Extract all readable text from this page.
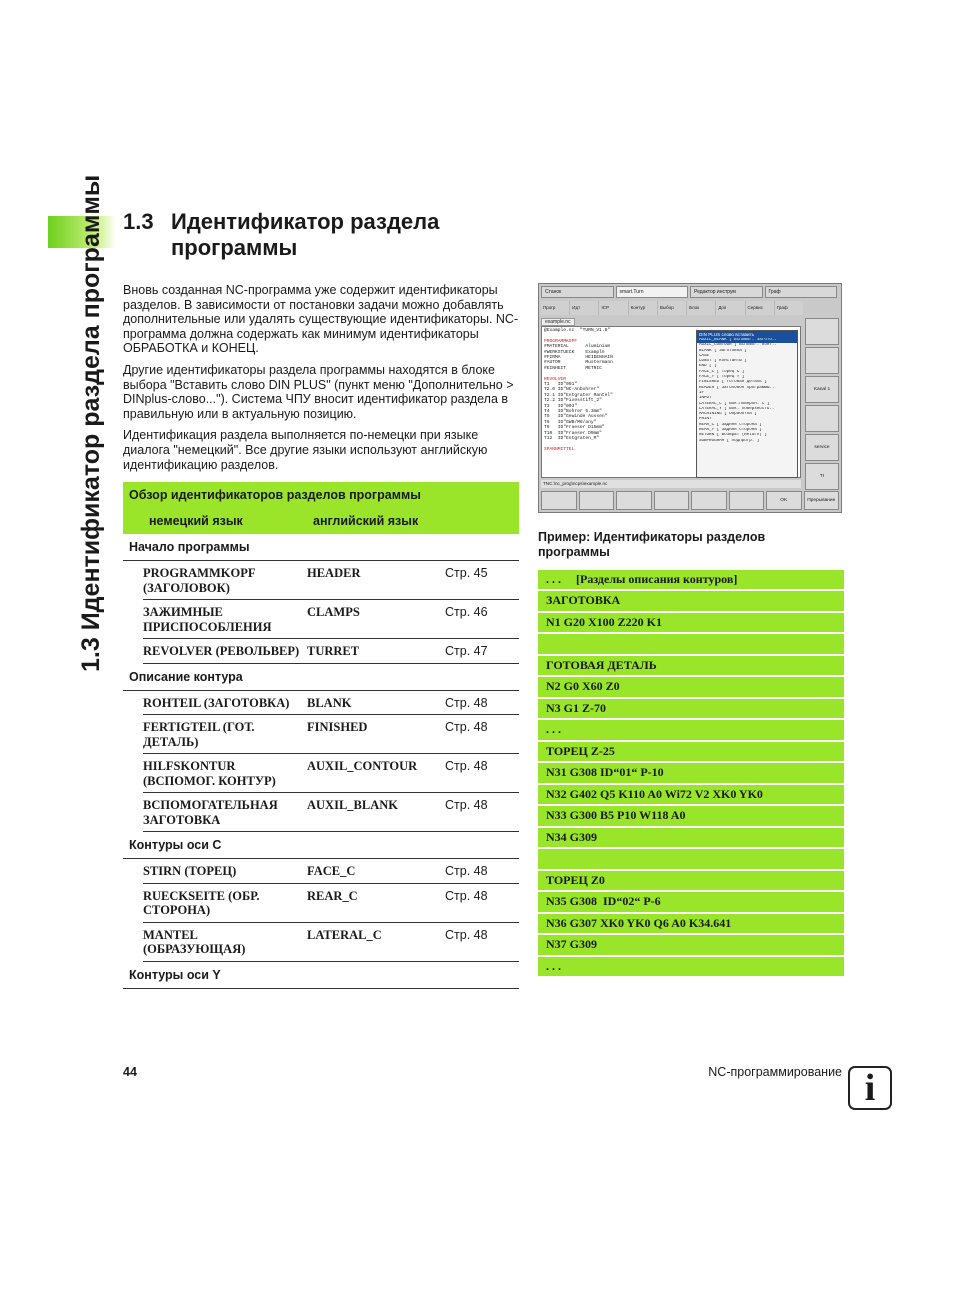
1.3 Идентификатор раздела программы 1.3 Идентификатор раздела
программы

Вновь созданная NC-программа уже содержит идентификаторы разделов. В зависимости от постановки задачи можно добавлять дополнительные или удалять существующие идентификаторы. NC-программа должна содержать как минимум идентификаторы ОБРАБОТКА и КОНЕЦ.

Другие идентификаторы раздела программы находятся в блоке выбора "Вставить слово DIN PLUS" (пункт меню "Дополнительно > DINplus-слово..."). Система ЧПУ вносит идентификатор раздела в правильную или в актуальную позицию.

Идентификация раздела выполняется по-немецки при языке диалога "немецкий". Все другие языки используют английскую идентификацию разделов.

Обзор идентификаторов разделов программы			
немецкий язык		английский язык	
Начало программы			
	PROGRAMMKOPF (ЗАГОЛОВОК)	HEADER	Стр. 45
	ЗАЖИМНЫЕ ПРИСПОСОБЛЕНИЯ	CLAMPS	Стр. 46
	REVOLVER (РЕВОЛЬВЕР)	TURRET	Стр. 47
Описание контура			
	ROHTEIL (ЗАГОТОВКА)	BLANK	Стр. 48
	FERTIGTEIL (ГОТ. ДЕТАЛЬ)	FINISHED	Стр. 48
	HILFSKONTUR (ВСПОМОГ. КОНТУР)	AUXIL_CONTOUR	Стр. 48
	ВСПОМОГАТЕЛЬНАЯ ЗАГОТОВКА	AUXIL_BLANK	Стр. 48
Контуры оси C			
	STIRN (ТОРЕЦ)	FACE_C	Стр. 48
	RUECKSEITE (ОБР. СТОРОНА)	REAR_C	Стр. 48
	MANTEL (ОБРАЗУЮЩАЯ)	LATERAL_C	Стр. 48
Контуры оси Y			
Станок	smart.Turn	Редактор инструм	Граф
Прогр	Идт	ICP	Контур	Выбор	Блок	Доп	Сервис	Граф
example.nc
@Example.nc  "TURN_V1.0"
PROGRAMMKOPF
#MATERIAL      Aluminium
#WERKSTUECK    Example
#FIRMA         HEIDENHAIN
#AUTOR         Mustermann
#EINHEIT       METRIC
REVOLVER
T1   ID"001"
T2.0 ID"NC-Anbohrer"
T2.1 ID"Entgrater Mantel"
T2.2 ID"Fixesstift_2"
T3   ID"003"
T4   ID"Bohrer 5.3mm"
T5   ID"Gewinde Aussen"
T6   ID"GWB/M6/any"
T9   ID"Fraeser D15mm"
T10  ID"Fraeser D9mm"
T12  ID"Entgraten_M"
SPANNMITTEL
DIN PLUS слово вставить
AUXIL_BLANK [ Вспомог. загото..
AUXIL_CONTOUR [ Вспомог. конт..
BLANK [ Заготовка ]
CASE
CONST [ Константы ]
END [ ]
FACE_C [ Торец C ]
FACE_Y [ Торец Y ]
FINISHED [ Готовая деталь ]
HEADER [ Заголовок программы..
IF
INPUT
LATERAL_C [ Бок.поверхн. C ]
LATERAL_Y [ Бок. поверхность..
MACHINING [ Обработка ]
PRINT
REAR_C [ Задняя сторона ]
REAR_Y [ Задняя сторона ]
RETURN [ Возврат (Return) ]
SUBPROGRAM [ Подпрогр. ]
TNC:\nc_prog\ncps\example.nc
Kanal 1
service
TI
OK	Прерывание
Пример: Идентификаторы разделов программы
. . .     [Разделы описания контуров]
ЗАГОТОВКА
N1 G20 X100 Z220 K1
ГОТОВАЯ ДЕТАЛЬ
N2 G0 X60 Z0
N3 G1 Z-70
. . .
ТОРЕЦ Z-25
N31 G308 ID“01“ P-10
N32 G402 Q5 K110 A0 Wi72 V2 XK0 YK0
N33 G300 B5 P10 W118 A0
N34 G309
ТОРЕЦ Z0
N35 G308  ID“02“ P-6
N36 G307 XK0 YK0 Q6 A0 K34.641
N37 G309
. . .
44	NC-программирование i
